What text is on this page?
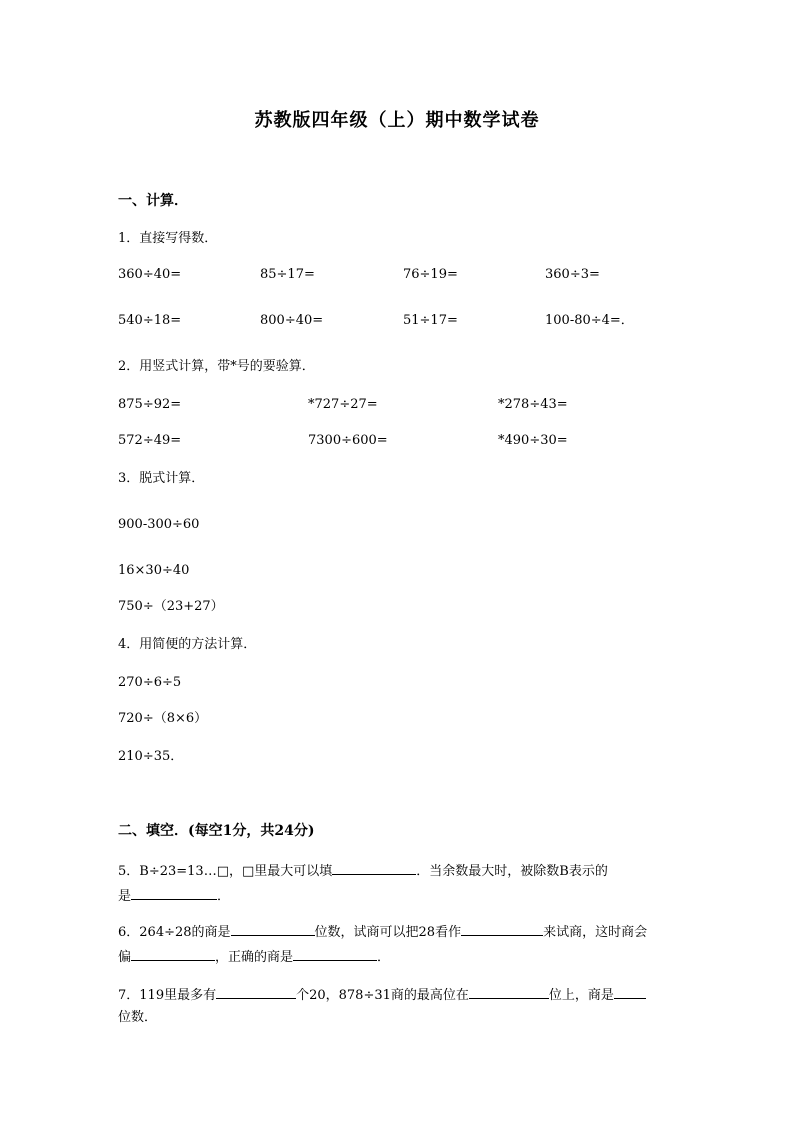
苏教版四年级（上）期中数学试卷
一、计算．
1．直接写得数．
360÷40=	85÷17=	76÷19=	360÷3=
540÷18=	800÷40=	51÷17=	100-80÷4=．
2．用竖式计算，带*号的要验算．
875÷92=	*727÷27=	*278÷43=
572÷49=	7300÷600=	*490÷30=
3．脱式计算．
900-300÷60
16×30÷40
750÷（23+27）
4．用简便的方法计算．
270÷6÷5
720÷（8×6）
210÷35．
二、填空．(每空1分，共24分)
5．B÷23=13…□，□里最大可以填	．当余数最大时，被除数B表示的
是	．
6．264÷28的商是	位数，试商可以把28看作	来试商，这时商会
偏	，正确的商是	．
7．119里最多有	个20，878÷31商的最高位在	位上，商是
位数．
